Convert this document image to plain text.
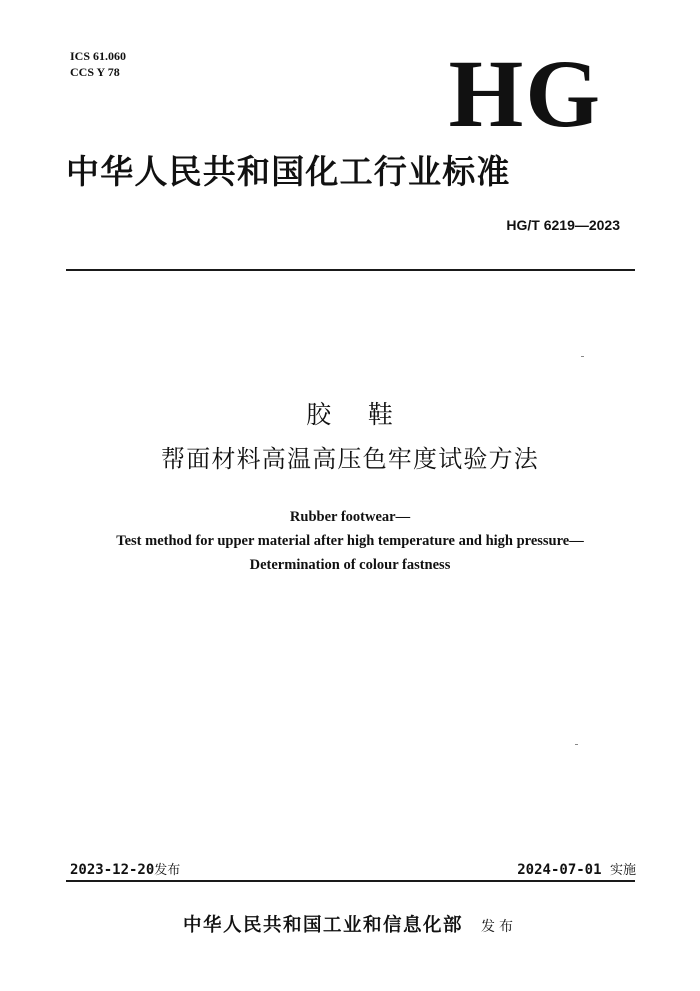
ICS 61.060
CCS Y 78	HG
中华人民共和国化工行业标准
HG/T 6219—2023
胶    鞋
帮面材料高温高压色牢度试验方法
Rubber footwear—
Test method for upper material after high temperature and high pressure—
Determination of colour fastness
2023-12-20发布	2024-07-01  实施
中华人民共和国工业和信息化部 发布
